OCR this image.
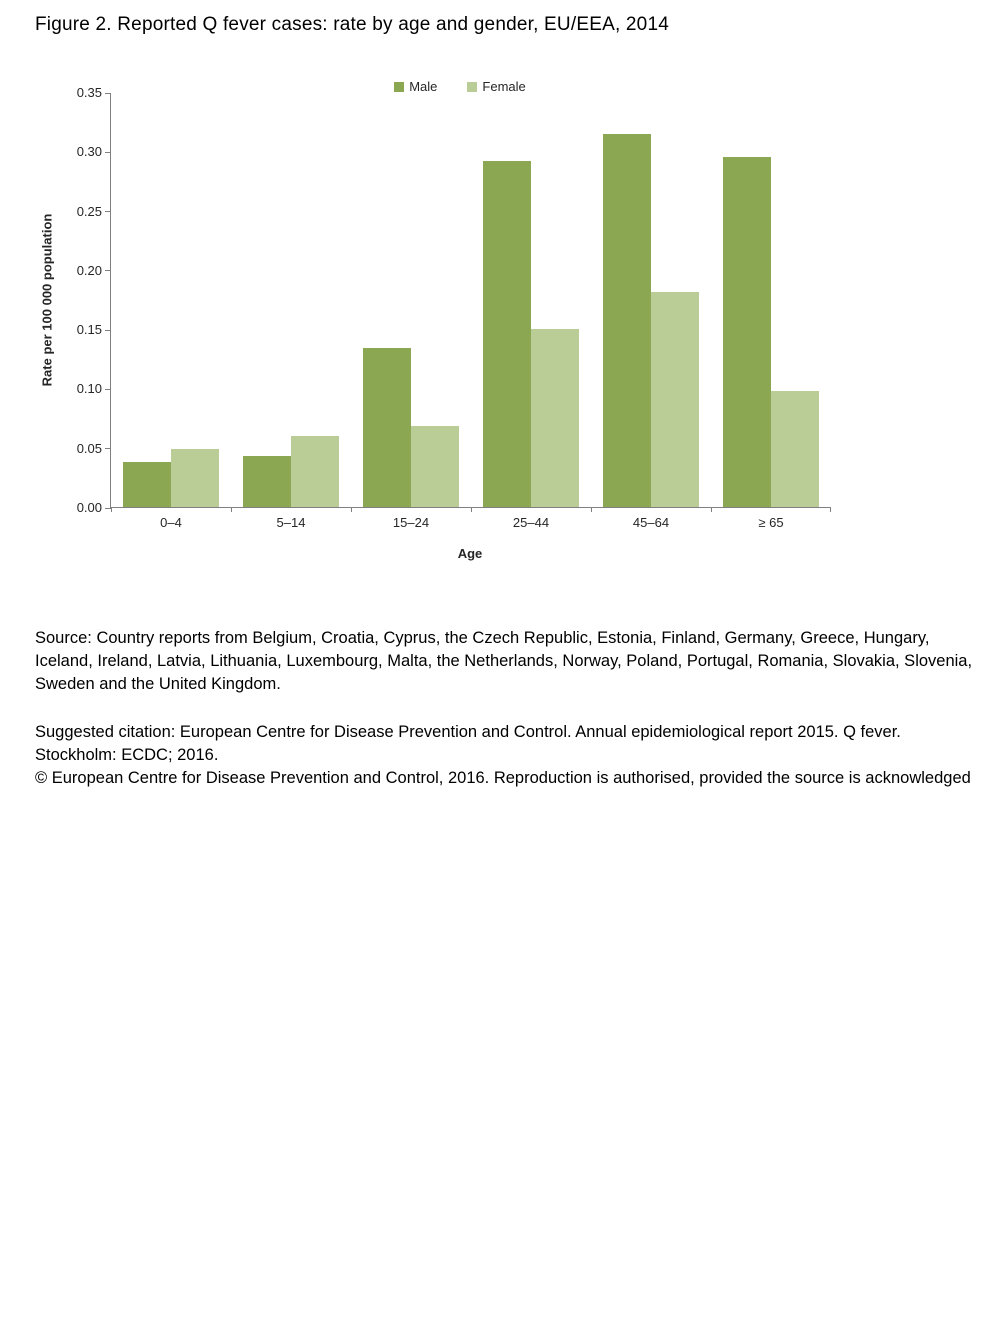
Figure 2. Reported Q fever cases: rate by age and gender, EU/EEA, 2014
Male	Female
Rate per 100 000 population
0.00
0.05
0.10
0.15
0.20
0.25
0.30
0.35
0–4	5–14	15–24	25–44	45–64	≥ 65
Age

Source: Country reports from Belgium, Croatia, Cyprus, the Czech Republic, Estonia, Finland, Germany, Greece, Hungary, Iceland, Ireland, Latvia, Lithuania, Luxembourg, Malta, the Netherlands, Norway, Poland, Portugal, Romania, Slovakia, Slovenia, Sweden and the United Kingdom.

Suggested citation: European Centre for Disease Prevention and Control. Annual epidemiological report 2015. Q fever. Stockholm: ECDC; 2016.

© European Centre for Disease Prevention and Control, 2016. Reproduction is authorised, provided the source is acknowledged
